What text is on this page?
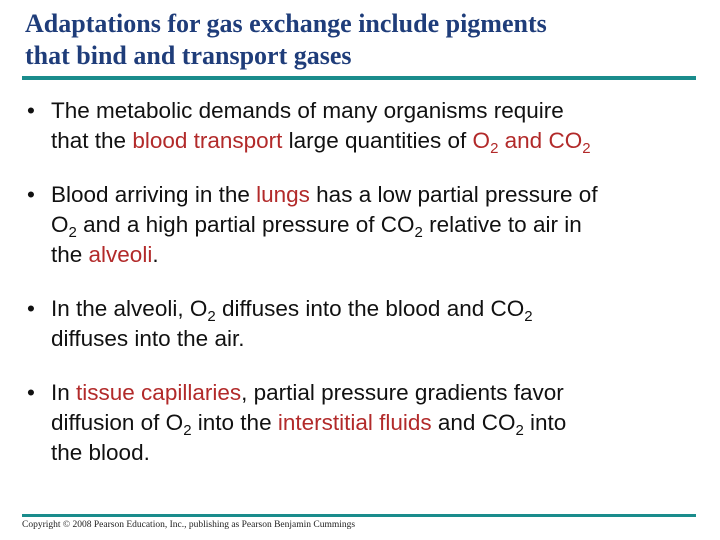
Adaptations for gas exchange include pigments
that bind and transport gases
• The metabolic demands of many organisms require
that the blood transport large quantities of $O_2$ and $CO_2$
• Blood arriving in the lungs has a low partial pressure of
$O_2$ and a high partial pressure of $CO_2$ relative to air in
the alveoli.
• In the alveoli, $O_2$ diffuses into the blood and $CO_2$
diffuses into the air.
• In tissue capillaries, partial pressure gradients favor
diffusion of $O_2$ into the interstitial fluids and $CO_2$ into
the blood.
Copyright © 2008 Pearson Education, Inc., publishing as Pearson Benjamin Cummings
